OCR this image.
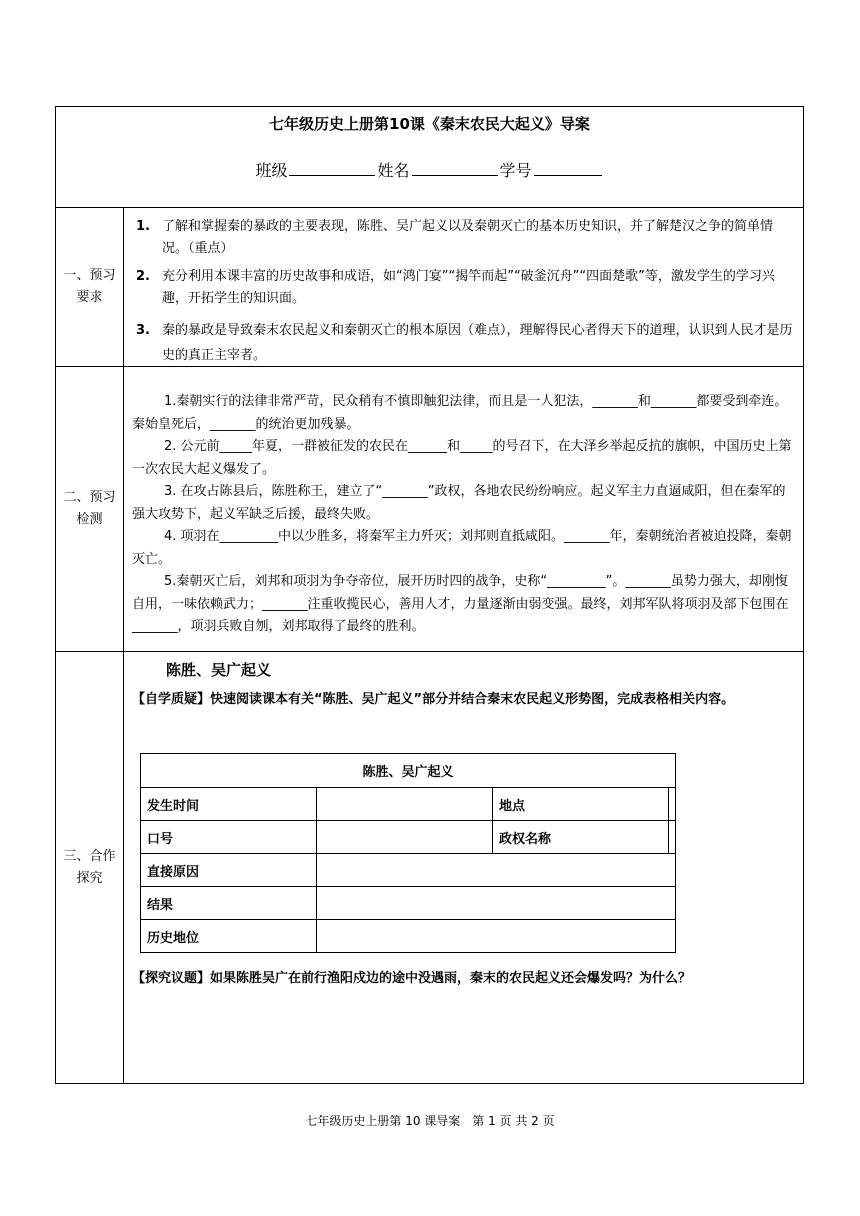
七年级历史上册第10课《秦末农民大起义》导案
班级	姓名	学号
一、预习
要求
1. 了解和掌握秦的暴政的主要表现，陈胜、吴广起义以及秦朝灭亡的基本历史知识，并了解楚汉之争的简单情况。（重点）
2. 充分利用本课丰富的历史故事和成语，如“鸿门宴”“揭竿而起”“破釜沉舟”“四面楚歌”等，激发学生的学习兴趣，开拓学生的知识面。
3. 秦的暴政是导致秦末农民起义和秦朝灭亡的根本原因（难点），理解得民心者得天下的道理，认识到人民才是历史的真正主宰者。
二、预习
检测

1.秦朝实行的法律非常严苛，民众稍有不慎即触犯法律，而且是一人犯法，_______和_______都要受到牵连。秦始皇死后，_______的统治更加残暴。

2. 公元前_____年夏，一群被征发的农民在______和_____的号召下，在大泽乡举起反抗的旗帜，中国历史上第一次农民大起义爆发了。

3. 在攻占陈县后，陈胜称王，建立了“_______”政权，各地农民纷纷响应。起义军主力直逼咸阳，但在秦军的强大攻势下，起义军缺乏后援，最终失败。

4. 项羽在_________中以少胜多，将秦军主力歼灭；刘邦则直抵咸阳。_______年，秦朝统治者被迫投降，秦朝灭亡。

5.秦朝灭亡后，刘邦和项羽为争夺帝位，展开历时四的战争，史称“_________”。_______虽势力强大，却刚愎自用，一味依赖武力；_______注重收揽民心，善用人才，力量逐渐由弱变强。最终，刘邦军队将项羽及部下包围在_______，项羽兵败自刎，刘邦取得了最终的胜利。

三、合作
探究
陈胜、吴广起义
【自学质疑】快速阅读课本有关“陈胜、吴广起义”部分并结合秦末农民起义形势图，完成表格相关内容。
陈胜、吴广起义			
发生时间		地点	
口号		政权名称	
直接原因			
结果			
历史地位			
【探究议题】如果陈胜吴广在前行渔阳戍边的途中没遇雨，秦末的农民起义还会爆发吗？为什么？
七年级历史上册第 10 课导案　第 1 页 共 2 页
